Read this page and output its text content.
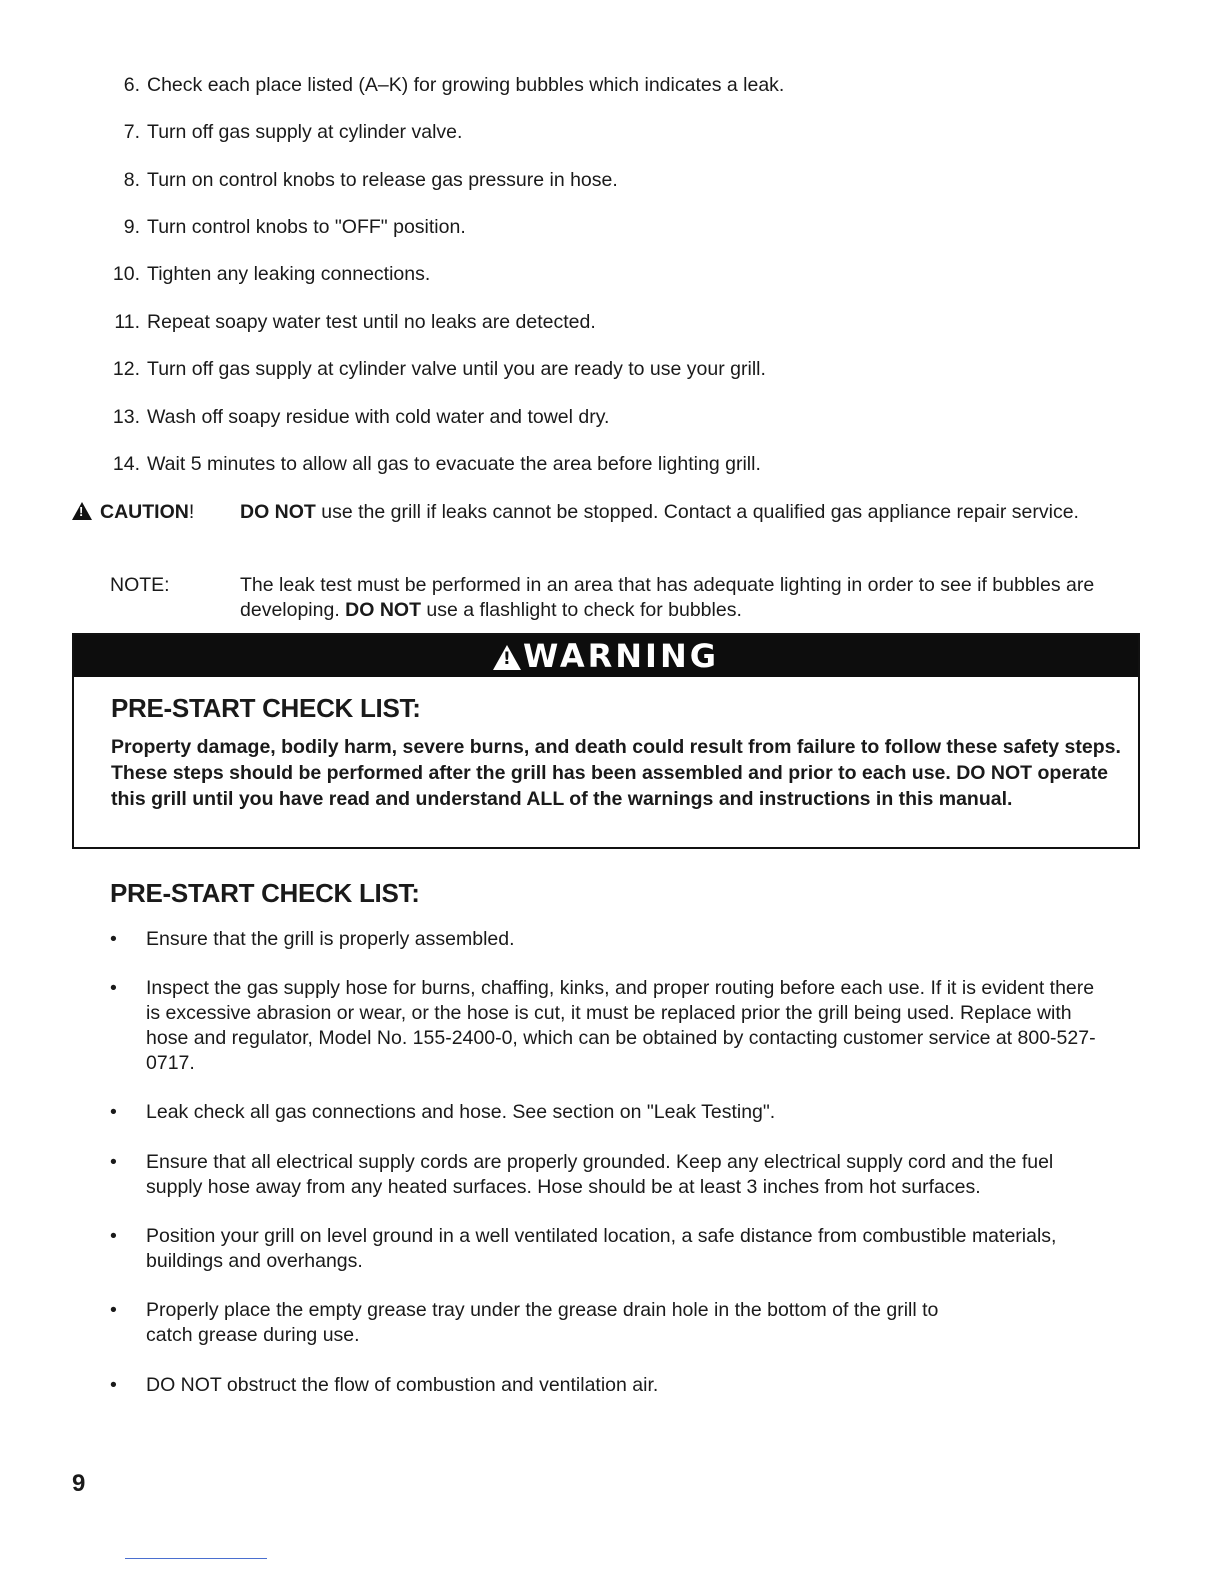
6. Check each place listed (A–K) for growing bubbles which indicates a leak.
7. Turn off gas supply at cylinder valve.
8. Turn on control knobs to release gas pressure in hose.
9. Turn control knobs to "OFF" position.
10. Tighten any leaking connections.
11. Repeat soapy water test until no leaks are detected.
12. Turn off gas supply at cylinder valve until you are ready to use your grill.
13. Wash off soapy residue with cold water and towel dry.
14. Wait 5 minutes to allow all gas to evacuate the area before lighting grill.
!CAUTION! DO NOT use the grill if leaks cannot be stopped. Contact a qualified gas appliance repair service.
NOTE:	The leak test must be performed in an area that has adequate lighting in order to see if bubbles are developing. DO NOT use a flashlight to check for bubbles.
!WARNING
PRE-START CHECK LIST:
Property damage, bodily harm, severe burns, and death could result from failure to follow these safety steps. These steps should be performed after the grill has been assembled and prior to each use. DO NOT operate this grill until you have read and understand ALL of the warnings and instructions in this manual.
PRE-START CHECK LIST:
• Ensure that the grill is properly assembled.
• Inspect the gas supply hose for burns, chaffing, kinks, and proper routing before each use. If it is evident there is excessive abrasion or wear, or the hose is cut, it must be replaced prior the grill being used. Replace with hose and regulator, Model No. 155-2400-0, which can be obtained by contacting customer service at 800-527-0717.
• Leak check all gas connections and hose. See section on "Leak Testing".
• Ensure that all electrical supply cords are properly grounded. Keep any electrical supply cord and the fuel supply hose away from any heated surfaces. Hose should be at least 3 inches from hot surfaces.
• Position your grill on level ground in a well ventilated location, a safe distance from combustible materials, buildings and overhangs.
• Properly place the empty grease tray under the grease drain hole in the bottom of the grill to catch grease during use.
• DO NOT obstruct the flow of combustion and ventilation air.
9
